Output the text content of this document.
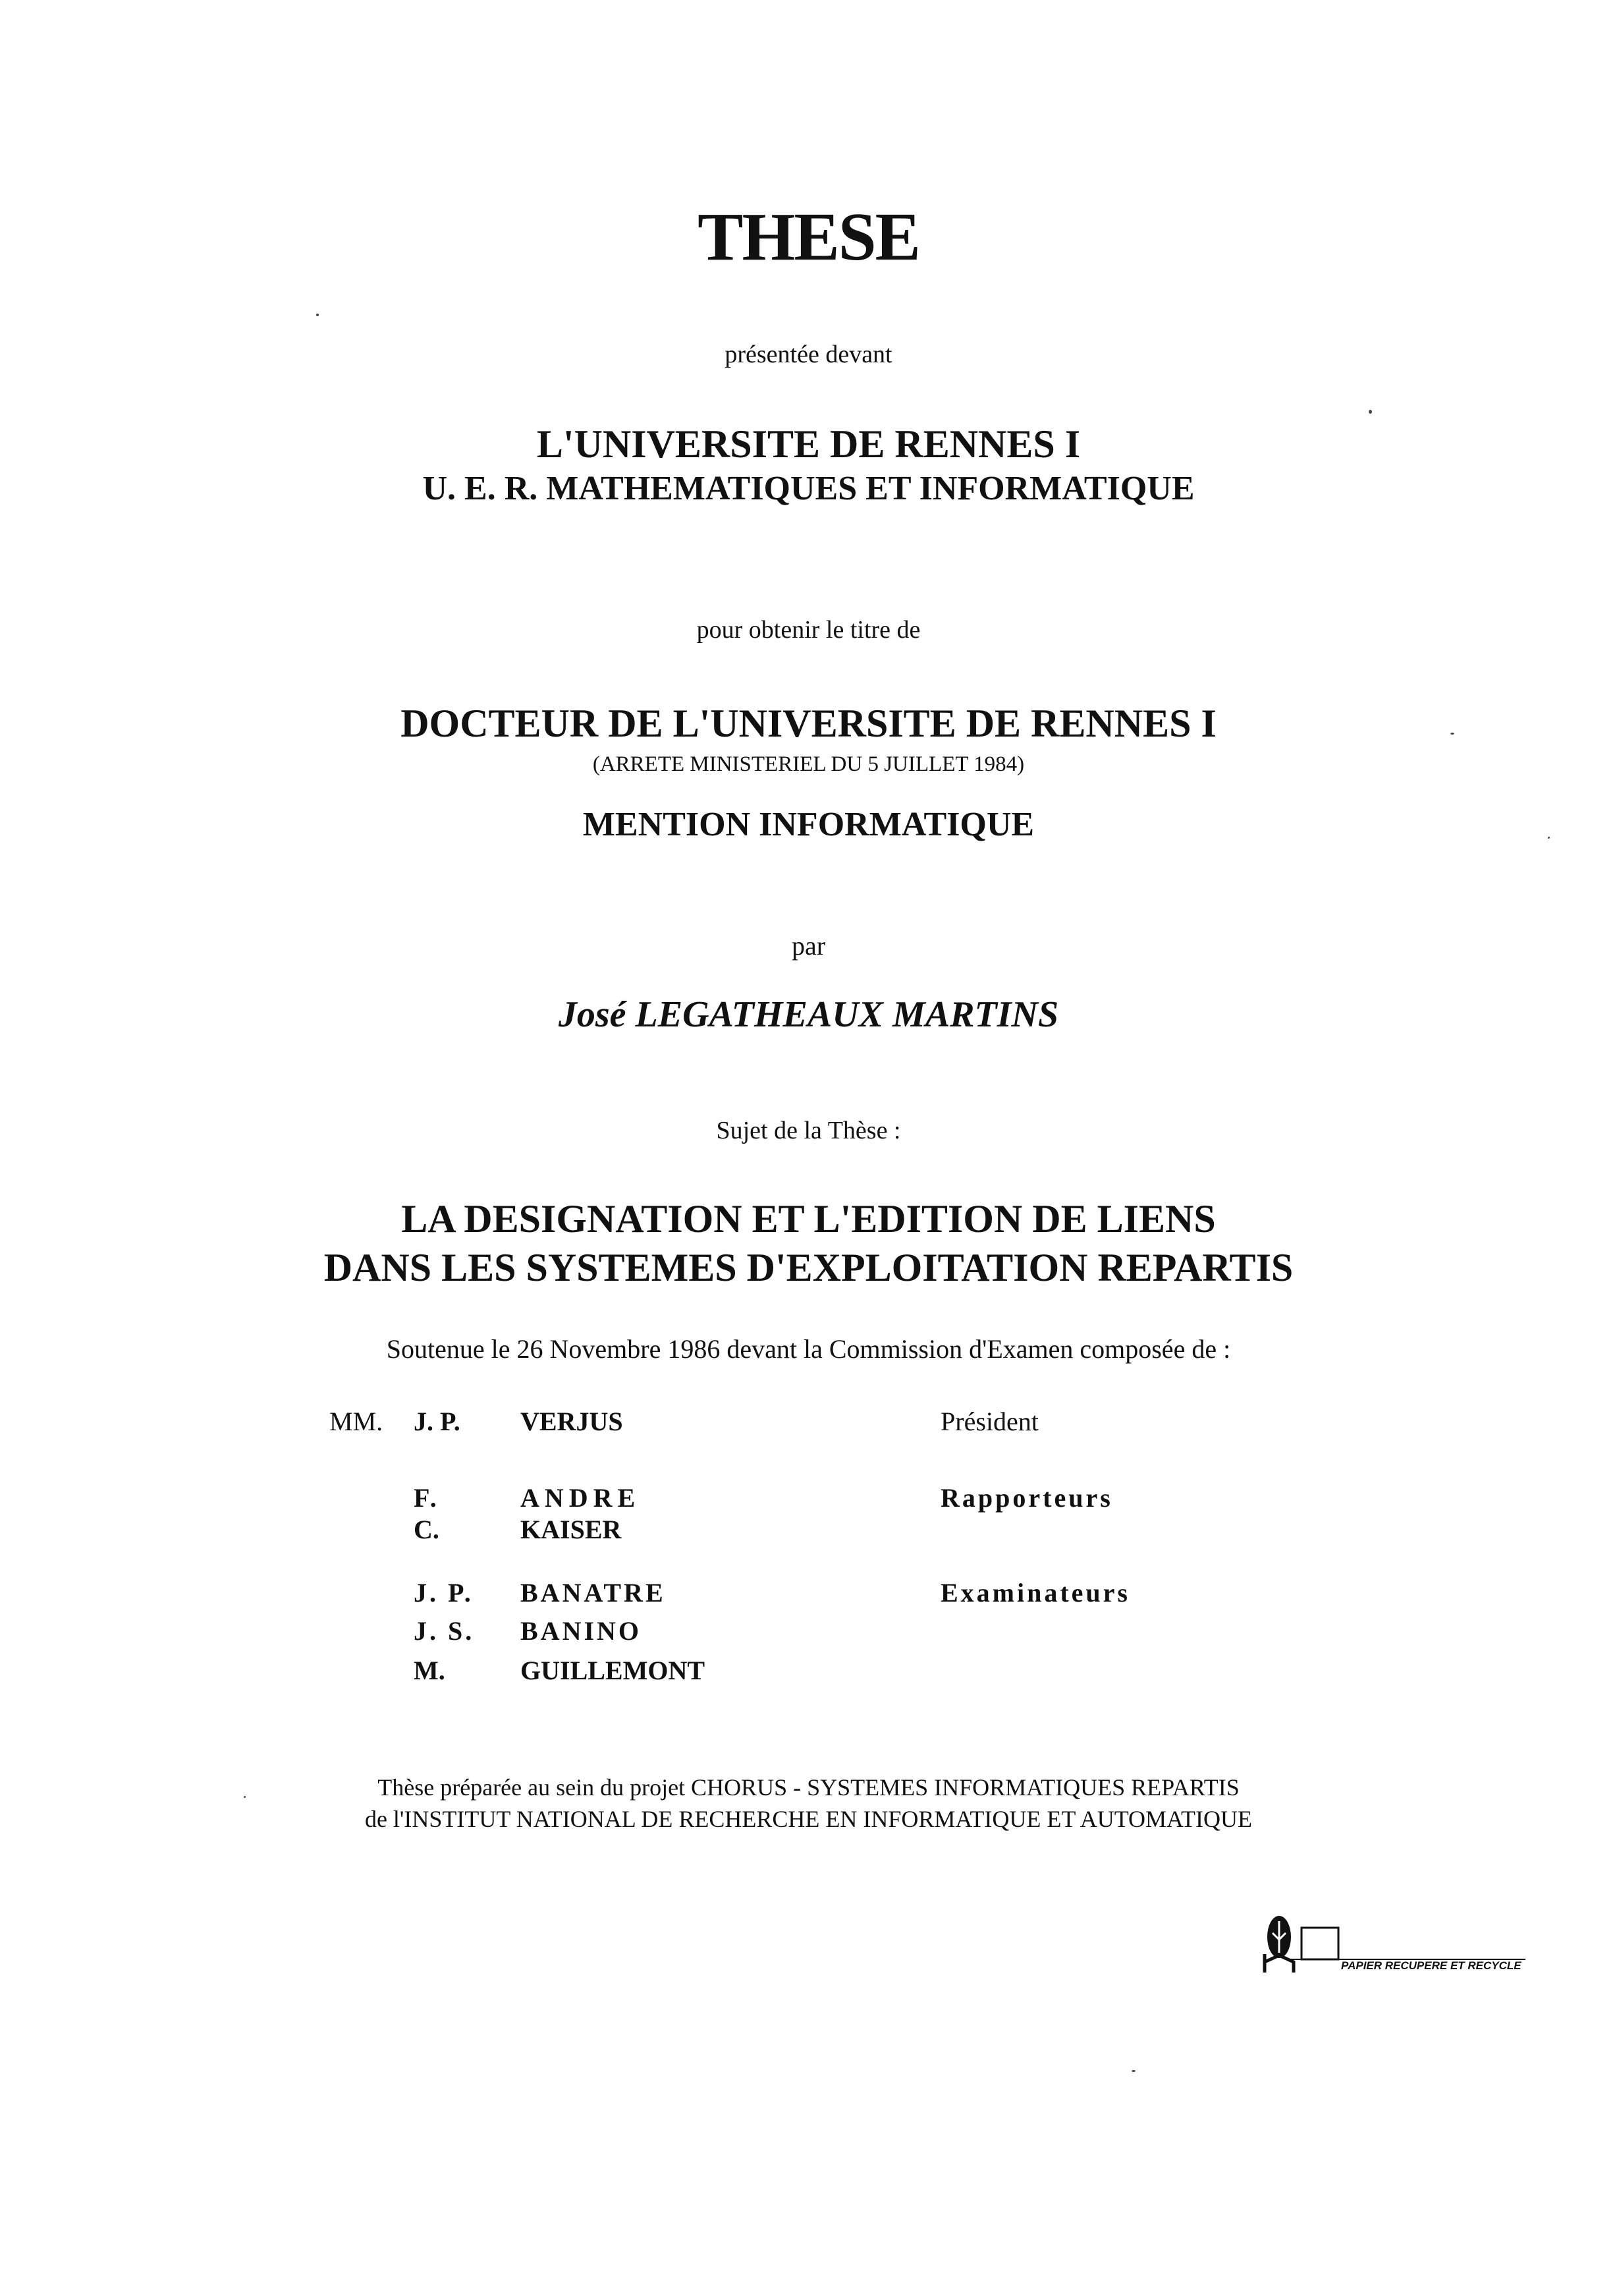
THESE
présentée devant
L'UNIVERSITE DE RENNES I
U. E. R. MATHEMATIQUES ET INFORMATIQUE
pour obtenir le titre de
DOCTEUR DE L'UNIVERSITE DE RENNES I
(ARRETE MINISTERIEL DU 5 JUILLET 1984)
MENTION INFORMATIQUE
par
José LEGATHEAUX MARTINS
Sujet de la Thèse :
LA DESIGNATION ET L'EDITION DE LIENS
DANS LES SYSTEMES D'EXPLOITATION REPARTIS
Soutenue le 26 Novembre 1986 devant la Commission d'Examen composée de :
MM. J. P. VERJUS	Président
F.	ANDRE	Rapporteurs
C.	KAISER
J. P. BANATRE	Examinateurs
J. S. BANINO
M.	GUILLEMONT
Thèse préparée au sein du projet CHORUS - SYSTEMES INFORMATIQUES REPARTIS
de l'INSTITUT NATIONAL DE RECHERCHE EN INFORMATIQUE ET AUTOMATIQUE
PAPIER RECUPERE ET RECYCLE
